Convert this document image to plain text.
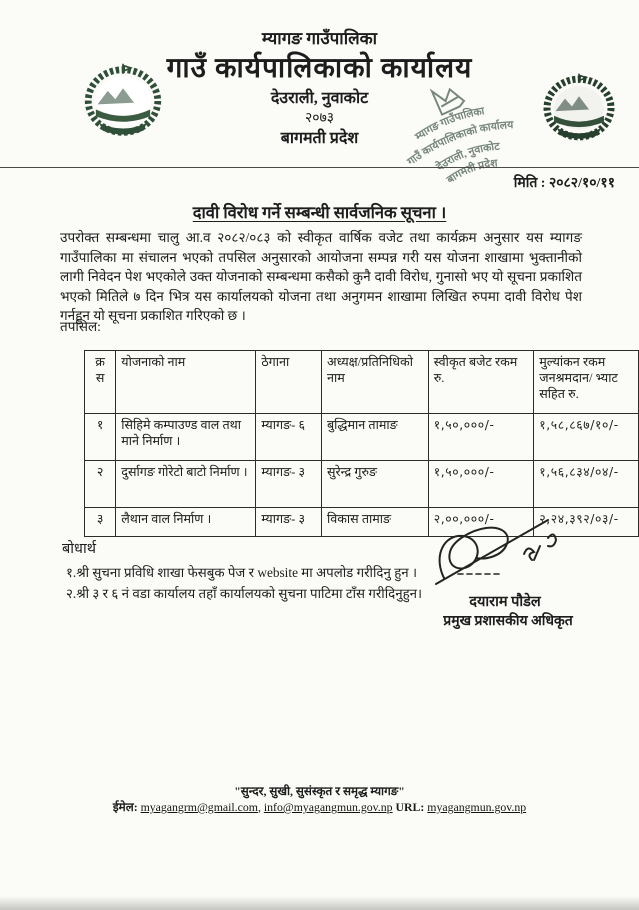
म्यागङ गाउँपालिका
गाउँ कार्यपालिकाको कार्यालय
देउराली, नुवाकोट
२०७३
बागमती प्रदेश	म्यागङ गाउँपालिका
गाउँ कार्यपालिकाको कार्यालय
देउराली, नुवाकोट
बागमती प्रदेश
मिति : २०८२/१०/११
दावी विरोध गर्ने सम्बन्धी सार्वजनिक सूचना ।
उपरोक्त सम्बन्धमा चालु आ.व २०८२/०८३ को स्वीकृत वार्षिक वजेट तथा कार्यक्रम अनुसार यस म्यागङ गाउँपालिका मा संचालन भएको तपसिल अनुसारको आयोजना सम्पन्न गरी यस योजना शाखामा भुक्तानीको लागी निवेदन पेश भएकोले उक्त योजनाको सम्बन्धमा कसैको कुनै दावी विरोध, गुनासो भए यो सूचना प्रकाशित भएको मितिले ७ दिन भित्र यस कार्यालयको योजना तथा अनुगमन शाखामा लिखित रुपमा दावी विरोध पेश गर्नहुन यो सूचना प्रकाशित गरिएको छ ।
तपसिल:
क्र स	योजनाको नाम	ठेगाना	अध्यक्ष/प्रतिनिधिको नाम	स्वीकृत बजेट रकम रु.	मुल्यांकन रकम जनश्रमदान/ भ्याट सहित रु.
१	सिहिमे कम्पाउण्ड वाल तथा माने निर्माण ।	म्यागङ- ६	बुद्धिमान तामाङ	१,५०,०००/-	१,५८,८६७/१०/-
२	दुर्सागङ गोरेटो बाटो निर्माण ।	म्यागङ- ३	सुरेन्द्र गुरुङ	१,५०,०००/-	१,५६,८३४/०४/-
३	लैथान वाल निर्माण ।	म्यागङ- ३	विकास तामाङ	२,००,०००/-	२,२४,३९२/०३/-
बोधार्थ
१.श्री सुचना प्रविधि शाखा फेसबुक पेज र website मा अपलोड गरीदिनु हुन ।
२.श्री ३ र ६ नं वडा कार्यालय तहाँ कार्यालयको सुचना पाटिमा टाँस गरीदिनुहुन।
दयाराम पौडेल
प्रमुख प्रशासकीय अधिकृत
"सुन्दर, सुखी, सुसंस्कृत र समृद्ध म्यागङ"
ईमेल: myagangrm@gmail.com, info@myagangmun.gov.np URL: myagangmun.gov.np
